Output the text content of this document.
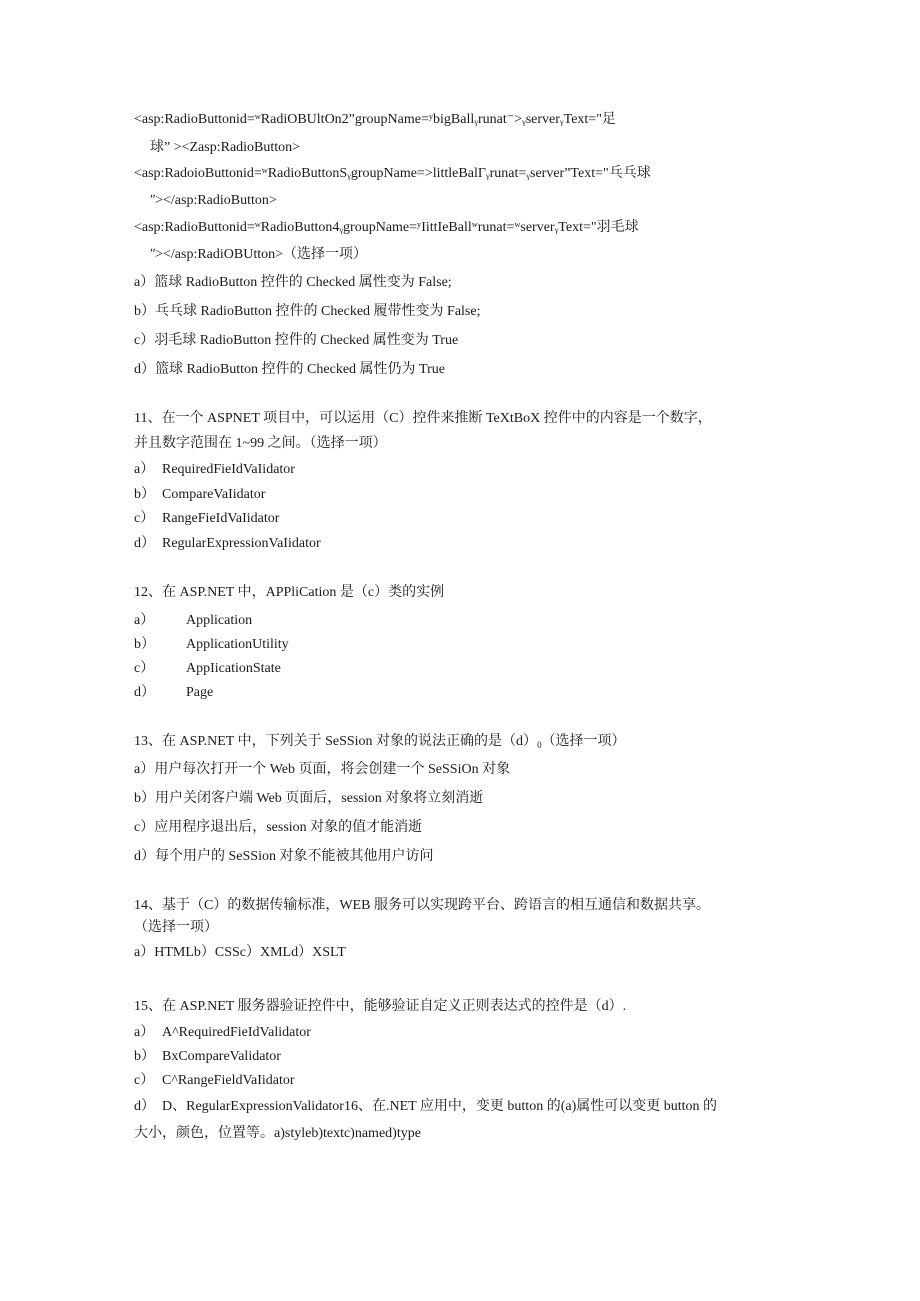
<asp:RadioButtonid=ʷRadiOBUltOn2”groupName=ʸbigBallᵧrunat⁻˃ᵧserverᵧText="足
球” ><Zasp:RadioButton>
<asp:RadoioButtonid=ʷRadioButtonSᵧgroupName=˃littleBalΓᵧrunat=ᵧserver”Text="乓乓球
ʺ></asp:RadioButton>
<asp:RadioButtonid=ʷRadioButton4ᵧgroupName=ʸIittIeBallʷrunat=ʷserverᵧText="羽毛球
ʺ></asp:RadiOBUtton>（选择一项）
a）篮球 RadioButton 控件的 Checked 属性变为 False;
b）乓乓球 RadioButton 控件的 Checked 履带性变为 False;
c）羽毛球 RadioButton 控件的 Checked 属性变为 True
d）篮球 RadioButton 控件的 Checked 属性仍为 True
11、在一个 ASPNET 项目中，可以运用（C）控件来推断 TeXtBoX 控件中的内容是一个数字，
并且数字范围在 1~99 之间。（选择一项）
a） RequiredFieIdVaIidator
b） CompareVaIidator
c） RangeFieIdVaIidator
d） RegularExpressionVaIidator
12、在 ASP.NET 中，APPliCation 是（c）类的实例
a） Application
b） ApplicationUtility
c） AppIicationState
d） Page
13、在 ASP.NET 中，下列关于 SeSSion 对象的说法正确的是$(d)_0$（选择一项）
a）用户每次打开一个 Web 页面，将会创建一个 SeSSiOn 对象
b）用户关闭客户端 Web 页面后，session 对象将立刻消逝
c）应用程序退出后，session 对象的值才能消逝
d）每个用户的 SeSSion 对象不能被其他用户访问
14、基于（C）的数据传输标准，WEB 服务可以实现跨平台、跨语言的相互通信和数据共享。
（选择一项）
a）HTMLb）CSSc）XMLd）XSLT
15、在 ASP.NET 服务器验证控件中，能够验证自定义正则表达式的控件是（d）.
a） A^RequiredFieIdValidator
b） BxCompareValidator
c） C^RangeFieldVaIidator
d） D、RegularExpressionValidator16、在.NET 应用中，变更 button 的(a)属性可以变更 button 的
大小，颜色，位置等。a)styleb)textc)named)type
